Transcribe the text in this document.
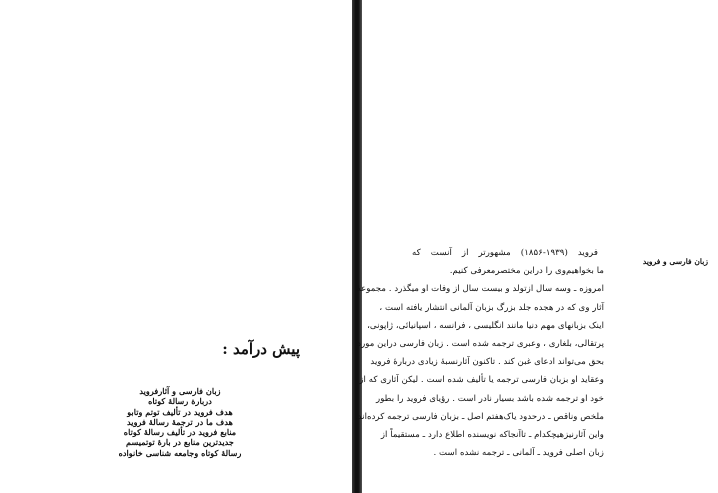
پیش درآمد :
زبان فارسی و آثارفروید
دربارة رسالهٔ کوتاه
هدف فروید در تألیف توتم وتابو
هدف ما در ترجمهٔ رسالهٔ فروید
منابع فروید در تألیف رسالهٔ کوتاه
جدیدترین منابع در بارهٔ توتمیسم
رسالهٔ کوتاه وجامعه شناسی خانواده
زبان فارسی و فروید
فروید (۱۹۳۹-۱۸۵۶) مشهورتر از آنست که
ما بخواهیم‌وی را دراین مختصرمعرفی کنیم.
امروزه ـ وسه سال ازتولد و بیست سال از وفات او میگذرد . مجموعهٔ
آثار وی که در هجده جلد بزرگ بزبان آلمانی انتشار یافته است ،
اینک بزبانهای مهم دنیا مانند انگلیسی ، فرانسه ، اسپانیائی، ژاپونی،
پرتقالی، بلغاری ، وعبری ترجمه شده است . زبان فارسی دراین مورد
بحق می‌تواند ادعای غبن کند . تاکنون آثارنسبهٔ زیادی دربارهٔ فروید
وعقاید او بزبان فارسی ترجمه یا تألیف شده است . لیکن آثاری که از
خود او ترجمه شده باشد بسیار نادر است . رؤیای فروید را بطور
ملخص وناقص ـ درحدود یاک‌هفتم اصل ـ بزبان فارسی ترجمه کرده‌اند.
واین آثارنیزهیچکدام ـ تاآنجاکه نویسنده اطلاع دارد ـ مستقیماً از
زبان اصلی فروید ـ آلمانی ـ ترجمه نشده است .
